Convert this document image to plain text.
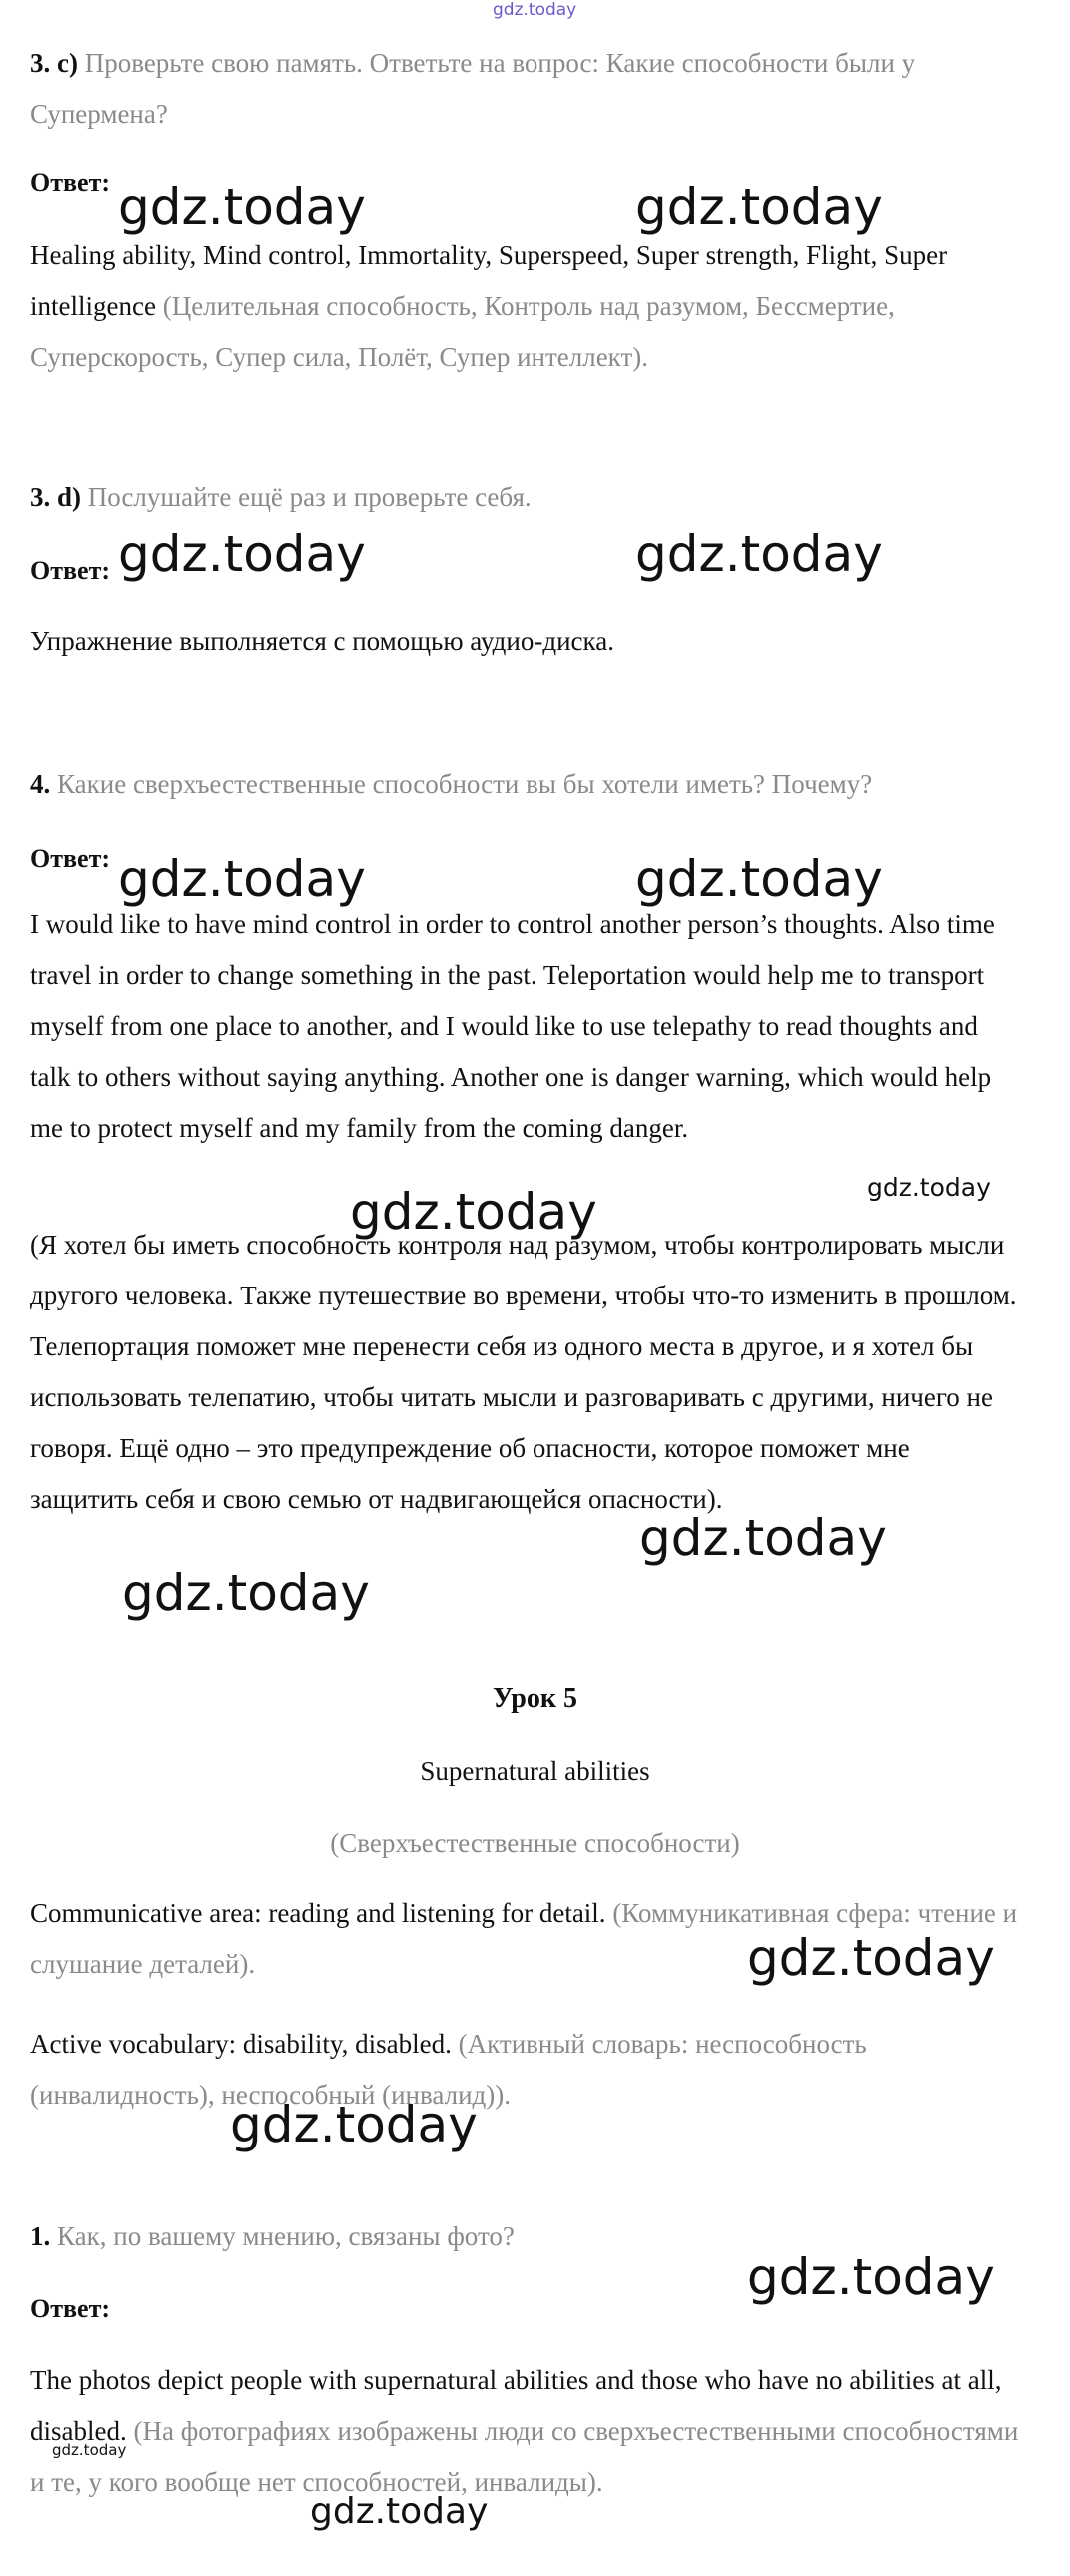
gdz.today

3. c) Проверьте свою память. Ответьте на вопрос: Какие способности были у Супермена?

Ответ:

Healing ability, Mind control, Immortality, Superspeed, Super strength, Flight, Super intelligence (Целительная способность, Контроль над разумом, Бессмертие, Суперскорость, Супер сила, Полёт, Супер интеллект).

3. d) Послушайте ещё раз и проверьте себя.

Ответ:

Упражнение выполняется с помощью аудио-диска.

4. Какие сверхъестественные способности вы бы хотели иметь? Почему?

Ответ:

I would like to have mind control in order to control another person’s thoughts. Also time travel in order to change something in the past. Teleportation would help me to transport myself from one place to another, and I would like to use telepathy to read thoughts and talk to others without saying anything. Another one is danger warning, which would help me to protect myself and my family from the coming danger.

(Я хотел бы иметь способность контроля над разумом, чтобы контролировать мысли другого человека. Также путешествие во времени, чтобы что-то изменить в прошлом. Телепортация поможет мне перенести себя из одного места в другое, и я хотел бы использовать телепатию, чтобы читать мысли и разговаривать с другими, ничего не говоря. Ещё одно – это предупреждение об опасности, которое поможет мне защитить себя и свою семью от надвигающейся опасности).

Урок 5

Supernatural abilities

(Сверхъестественные способности)

Communicative area: reading and listening for detail. (Коммуникативная сфера: чтение и слушание деталей).

Active vocabulary: disability, disabled. (Активный словарь: неспособность (инвалидность), неспособный (инвалид)).

1. Как, по вашему мнению, связаны фото?

Ответ:

The photos depict people with supernatural abilities and those who have no abilities at all, disabled. (На фотографиях изображены люди со сверхъестественными способностями и те, у кого вообще нет способностей, инвалиды).

gdz.today	gdz.today
gdz.today	gdz.today
gdz.today	gdz.today
gdz.today
gdz.today
gdz.today
gdz.today
gdz.today
gdz.today
gdz.today
gdz.today
gdz.today
